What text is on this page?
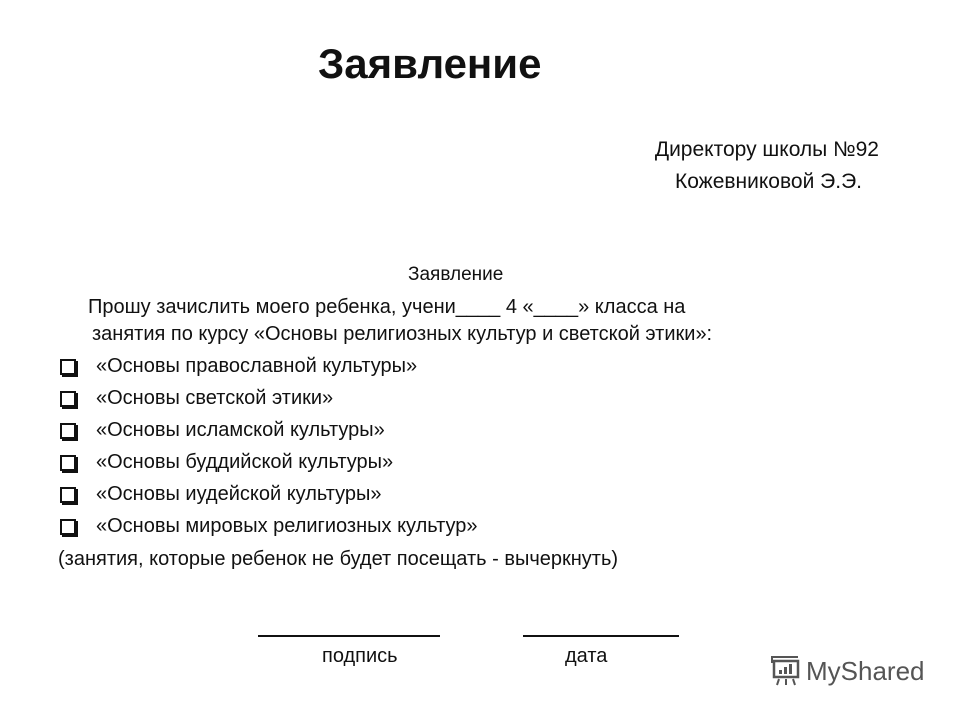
Заявление
Директору школы №92
Кожевниковой Э.Э.
Заявление
Прошу зачислить моего ребенка, учени____ 4 «____» класса на
занятия по курсу «Основы религиозных культур и светской этики»:
«Основы православной культуры»
«Основы светской этики»
«Основы исламской культуры»
«Основы буддийской культуры»
«Основы иудейской культуры»
«Основы мировых религиозных культур»
(занятия, которые ребенок не будет посещать - вычеркнуть)
подпись	дата	MyShared
